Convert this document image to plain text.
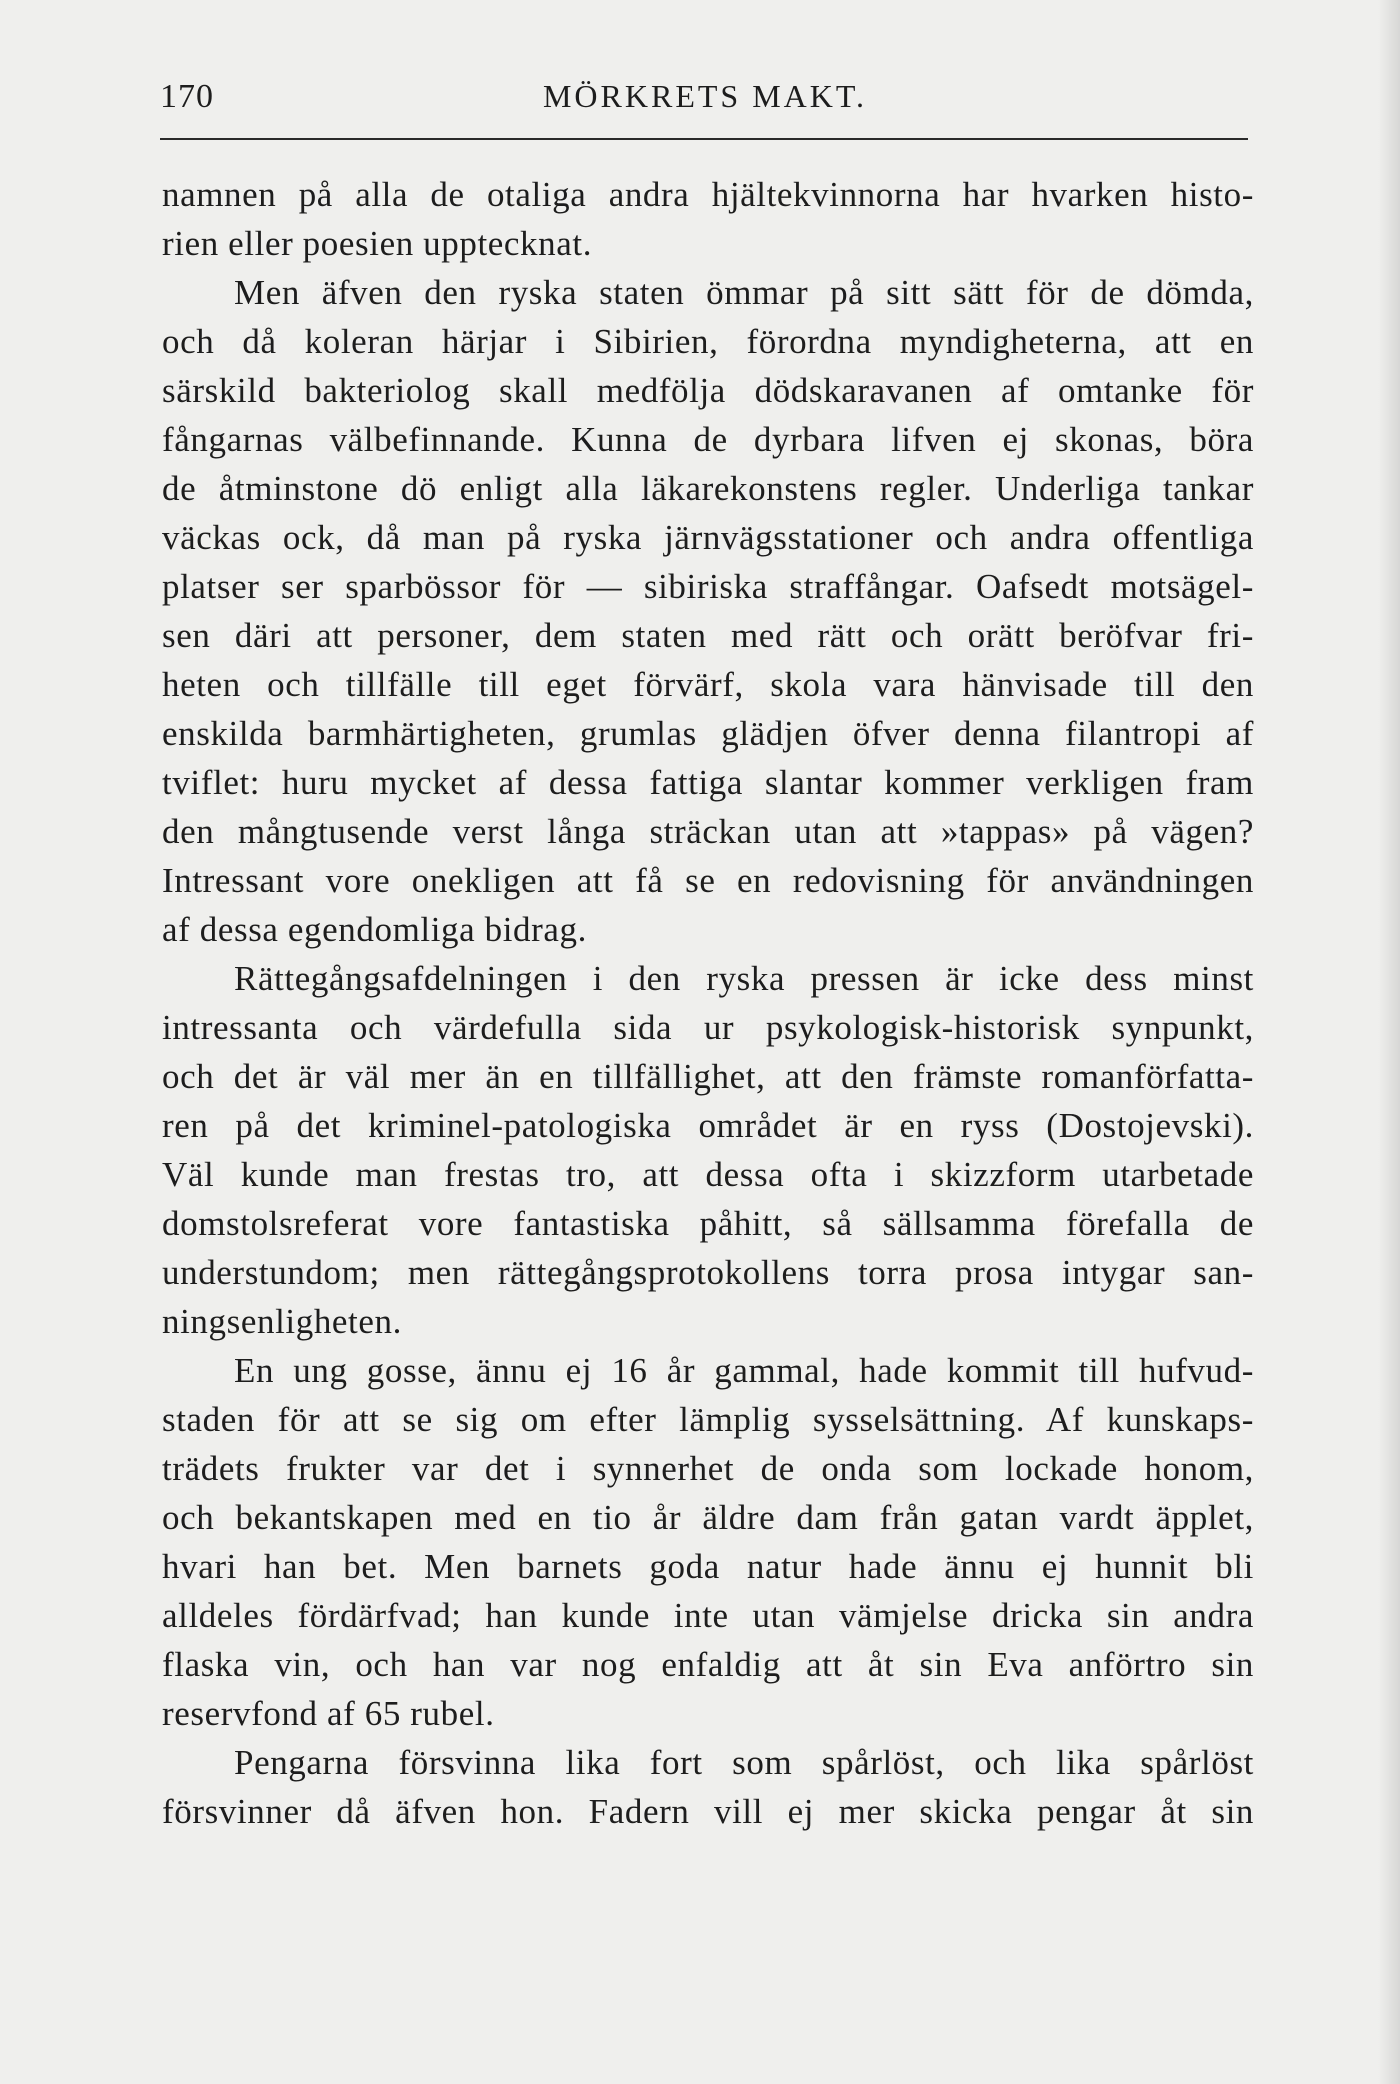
170	MÖRKRETS MAKT.
namnen på alla de otaliga andra hjältekvinnorna har hvarken histo-
rien eller poesien upptecknat.
Men äfven den ryska staten ömmar på sitt sätt för de dömda,
och då koleran härjar i Sibirien, förordna myndigheterna, att en
särskild bakteriolog skall medfölja dödskaravanen af omtanke för
fångarnas välbefinnande. Kunna de dyrbara lifven ej skonas, böra
de åtminstone dö enligt alla läkarekonstens regler. Underliga tankar
väckas ock, då man på ryska järnvägsstationer och andra offentliga
platser ser sparbössor för — sibiriska straffångar. Oafsedt motsägel-
sen däri att personer, dem staten med rätt och orätt beröfvar fri-
heten och tillfälle till eget förvärf, skola vara hänvisade till den
enskilda barmhärtigheten, grumlas glädjen öfver denna filantropi af
tviflet: huru mycket af dessa fattiga slantar kommer verkligen fram
den mångtusende verst långa sträckan utan att »tappas» på vägen?
Intressant vore onekligen att få se en redovisning för användningen
af dessa egendomliga bidrag.
Rättegångsafdelningen i den ryska pressen är icke dess minst
intressanta och värdefulla sida ur psykologisk-historisk synpunkt,
och det är väl mer än en tillfällighet, att den främste romanförfatta-
ren på det kriminel-patologiska området är en ryss (Dostojevski).
Väl kunde man frestas tro, att dessa ofta i skizzform utarbetade
domstolsreferat vore fantastiska påhitt, så sällsamma förefalla de
understundom; men rättegångsprotokollens torra prosa intygar san-
ningsenligheten.
En ung gosse, ännu ej 16 år gammal, hade kommit till hufvud-
staden för att se sig om efter lämplig sysselsättning. Af kunskaps-
trädets frukter var det i synnerhet de onda som lockade honom,
och bekantskapen med en tio år äldre dam från gatan vardt äpplet,
hvari han bet. Men barnets goda natur hade ännu ej hunnit bli
alldeles fördärfvad; han kunde inte utan vämjelse dricka sin andra
flaska vin, och han var nog enfaldig att åt sin Eva anförtro sin
reservfond af 65 rubel.
Pengarna försvinna lika fort som spårlöst, och lika spårlöst
försvinner då äfven hon. Fadern vill ej mer skicka pengar åt sin
